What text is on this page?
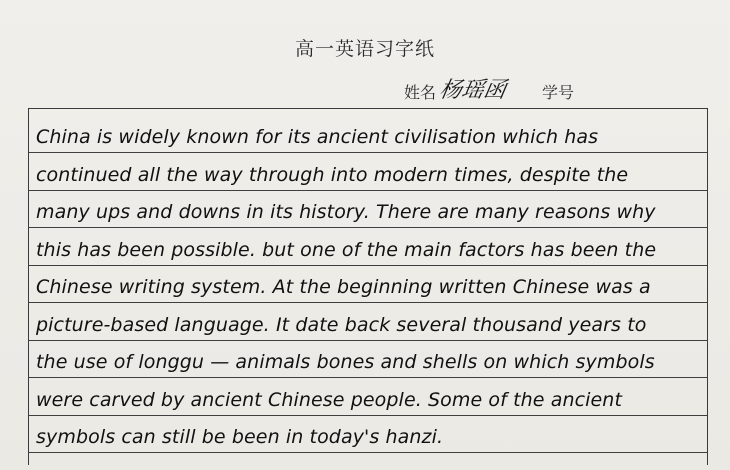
高一英语习字纸
姓名 杨瑶函 学号
China is widely known for its ancient civilisation which has
continued all the way through into modern times, despite the
many ups and downs in its history. There are many reasons why
this has been possible. but one of the main factors has been the
Chinese writing system. At the beginning written Chinese was a
picture-based language. It date back several thousand years to
the use of longgu — animals bones and shells on which symbols
were carved by ancient Chinese people. Some of the ancient
symbols can still be been in today's hanzi.
